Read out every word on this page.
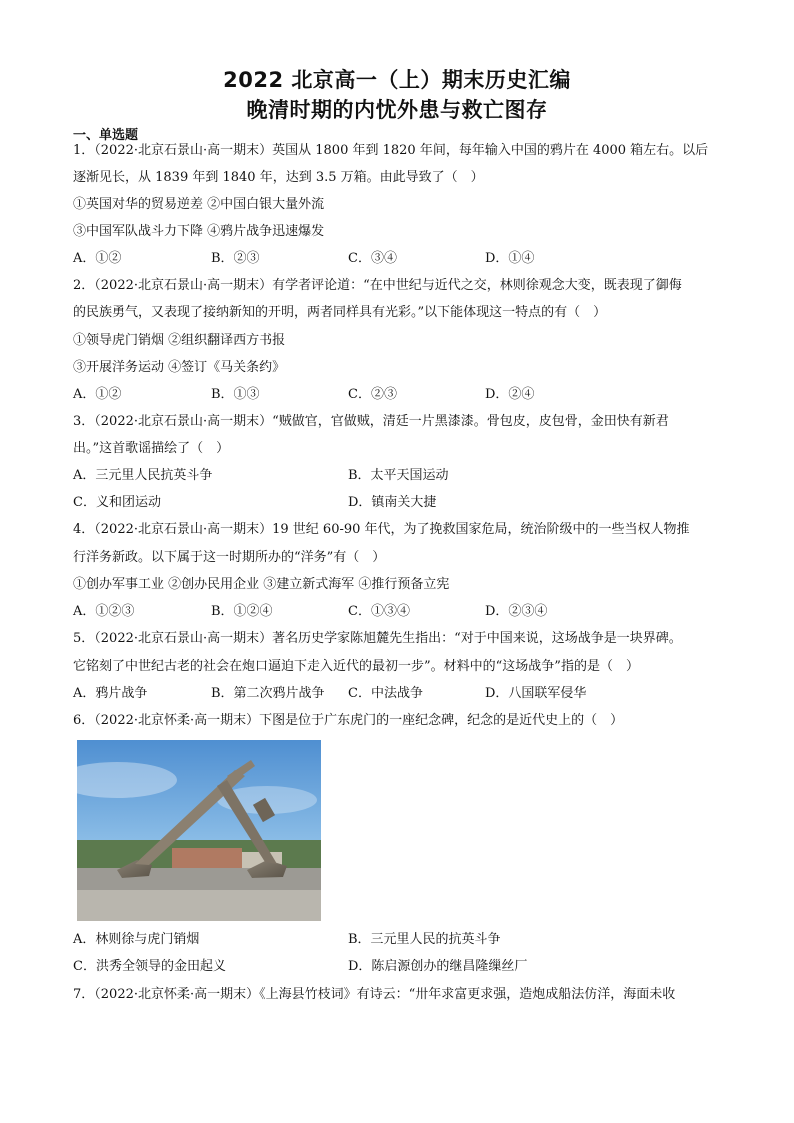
2022 北京高一（上）期末历史汇编
晚清时期的内忧外患与救亡图存
一、单选题
1．（2022·北京石景山·高一期末）英国从 1800 年到 1820 年间，每年输入中国的鸦片在 4000 箱左右。以后
逐渐见长，从 1839 年到 1840 年，达到 3.5 万箱。由此导致了（　）
①英国对华的贸易逆差 ②中国白银大量外流
③中国军队战斗力下降 ④鸦片战争迅速爆发
A．①②	B．②③	C．③④	D．①④
2．（2022·北京石景山·高一期末）有学者评论道：“在中世纪与近代之交，林则徐观念大变，既表现了御侮
的民族勇气，又表现了接纳新知的开明，两者同样具有光彩。”以下能体现这一特点的有（　）
①领导虎门销烟 ②组织翻译西方书报
③开展洋务运动 ④签订《马关条约》
A．①②	B．①③	C．②③	D．②④
3．（2022·北京石景山·高一期末）“贼做官，官做贼，清廷一片黑漆漆。骨包皮，皮包骨，金田快有新君
出。”这首歌谣描绘了（　）
A．三元里人民抗英斗争	B．太平天国运动
C．义和团运动	D．镇南关大捷
4．（2022·北京石景山·高一期末）19 世纪 60-90 年代，为了挽救国家危局，统治阶级中的一些当权人物推
行洋务新政。以下属于这一时期所办的“洋务”有（　）
①创办军事工业 ②创办民用企业 ③建立新式海军 ④推行预备立宪
A．①②③	B．①②④	C．①③④	D．②③④
5．（2022·北京石景山·高一期末）著名历史学家陈旭麓先生指出：“对于中国来说，这场战争是一块界碑。
它铭刻了中世纪古老的社会在炮口逼迫下走入近代的最初一步”。材料中的“这场战争”指的是（　）
A．鸦片战争	B．第二次鸦片战争 C．中法战争	D．八国联军侵华
6．（2022·北京怀柔·高一期末）下图是位于广东虎门的一座纪念碑，纪念的是近代史上的（　）
A．林则徐与虎门销烟	B．三元里人民的抗英斗争
C．洪秀全领导的金田起义	D．陈启源创办的继昌隆缫丝厂
7．（2022·北京怀柔·高一期末）《上海县竹枝词》有诗云：“卅年求富更求强，造炮成船法仿洋，海面未收
